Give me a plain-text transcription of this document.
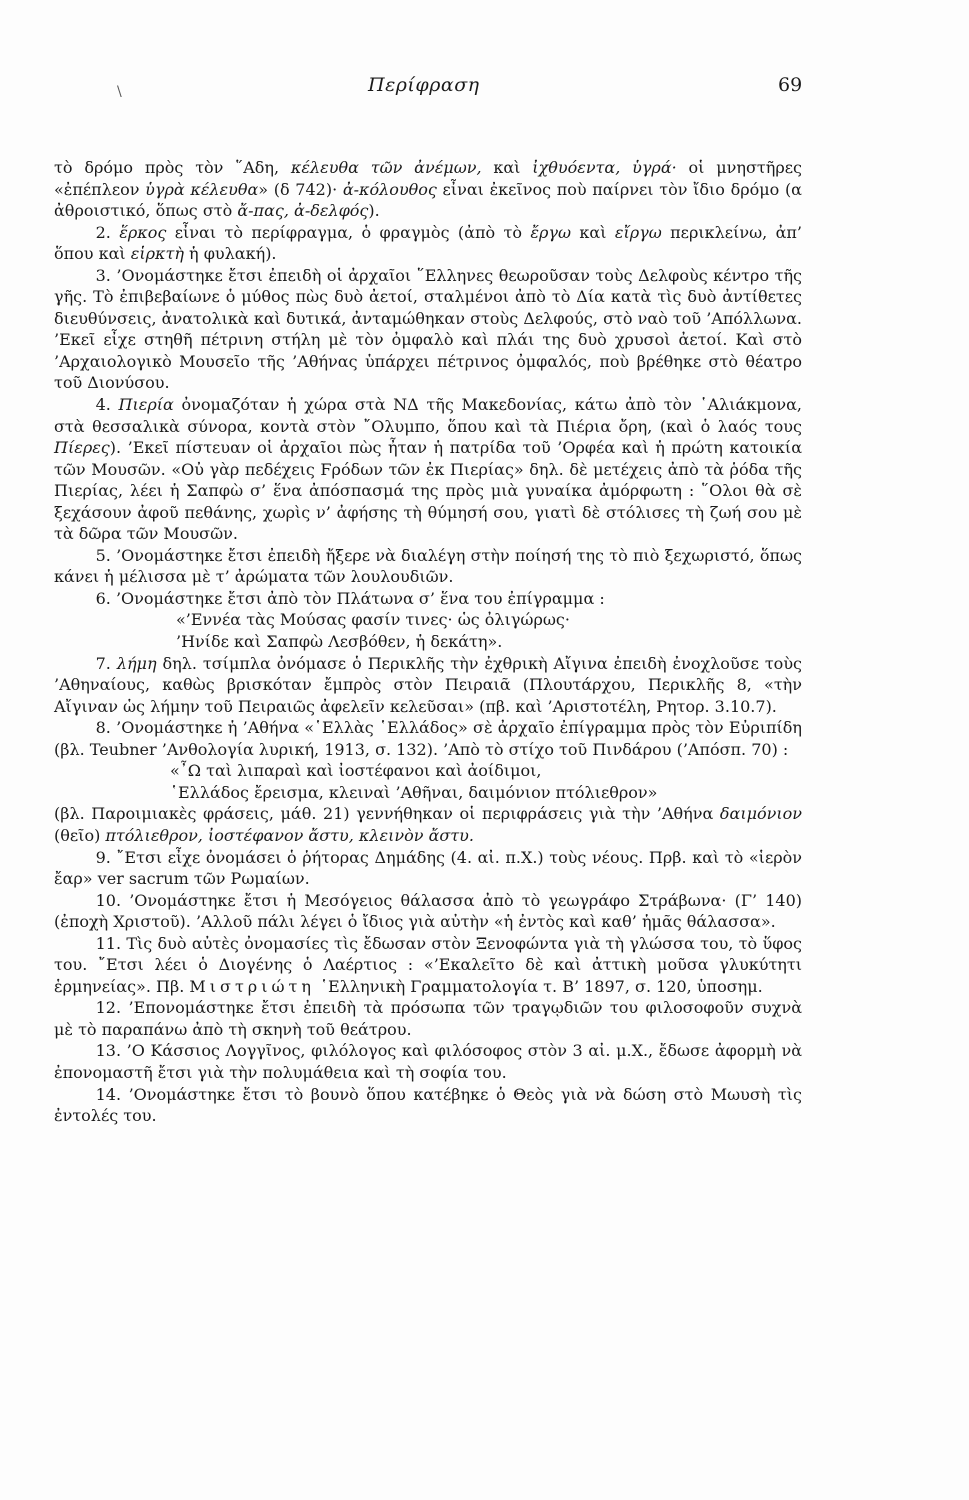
\	Περίφραση	69

τὸ δρόμο πρὸς τὸν ῞Αδη, κέλευθα τῶν ἀνέμων, καὶ ἰχθυόεντα, ὑγρά· οἱ μνηστῆρες «ἐπέπλεον ὑγρὰ κέλευθα» (δ 742)· ἀ-κόλουθος εἶναι ἐκεῖνος ποὺ παίρνει τὸν ἴδιο δρόμο (α ἀθροιστικό, ὅπως στὸ ἄ-πας, ἀ-δελφός).

2. ἕρκος εἶναι τὸ περίφραγμα, ὁ φραγμὸς (ἀπὸ τὸ ἔργω καὶ εἴργω περικλείνω, ἀπ’ ὅπου καὶ εἱρκτὴ ἡ φυλακή).

3. ’Ονομάστηκε ἔτσι ἐπειδὴ οἱ ἀρχαῖοι ῞Ελληνες θεωροῦσαν τοὺς Δελφοὺς κέντρο τῆς γῆς. Τὸ ἐπιβεβαίωνε ὁ μύθος πὼς δυὸ ἀετοί, σταλμένοι ἀπὸ τὸ Δία κατὰ τὶς δυὸ ἀντίθετες διευθύνσεις, ἀνατολικὰ καὶ δυτικά, ἀνταμώθηκαν στοὺς Δελφούς, στὸ ναὸ τοῦ ’Απόλλωνα. ’Εκεῖ εἶχε στηθῆ πέτρινη στήλη μὲ τὸν ὀμφαλὸ καὶ πλάι της δυὸ χρυσοὶ ἀετοί. Καὶ στὸ ’Αρχαιολογικὸ Μουσεῖο τῆς ’Αθήνας ὑπάρχει πέτρινος ὀμφαλός, ποὺ βρέθηκε στὸ θέατρο τοῦ Διονύσου.

4. Πιερία ὀνομαζόταν ἡ χώρα στὰ ΝΔ τῆς Μακεδονίας, κάτω ἀπὸ τὸν ῾Αλιάκμονα, στὰ θεσσαλικὰ σύνορα, κοντὰ στὸν ῎Ολυμπο, ὅπου καὶ τὰ Πιέρια ὄρη, (καὶ ὁ λαός τους Πίερες). ’Εκεῖ πίστευαν οἱ ἀρχαῖοι πὼς ἦταν ἡ πατρίδα τοῦ ’Ορφέα καὶ ἡ πρώτη κατοικία τῶν Μουσῶν. «Οὐ γὰρ πεδέχεις Ϝρόδων τῶν ἐκ Πιερίας» δηλ. δὲ μετέχεις ἀπὸ τὰ ῥόδα τῆς Πιερίας, λέει ἡ Σαπφὼ σ’ ἕνα ἀπόσπασμά της πρὸς μιὰ γυναίκα ἀμόρφωτη : ῞Ολοι θὰ σὲ ξεχάσουν ἀφοῦ πεθάνης, χωρὶς ν’ ἀφήσης τὴ θύμησή σου, γιατὶ δὲ στόλισες τὴ ζωή σου μὲ τὰ δῶρα τῶν Μουσῶν.

5. ’Ονομάστηκε ἔτσι ἐπειδὴ ἤξερε νὰ διαλέγη στὴν ποίησή της τὸ πιὸ ξεχωριστό, ὅπως κάνει ἡ μέλισσα μὲ τ’ ἀρώματα τῶν λουλουδιῶν.

6. ’Ονομάστηκε ἔτσι ἀπὸ τὸν Πλάτωνα σ’ ἕνα του ἐπίγραμμα :

«’Εννέα τὰς Μούσας φασίν τινες· ὡς ὀλιγώρως·

’Ηνίδε καὶ Σαπφὼ Λεσβόθεν, ἡ δεκάτη».

7. λήμη δηλ. τσίμπλα ὀνόμασε ὁ Περικλῆς τὴν ἐχθρικὴ Αἴγινα ἐπειδὴ ἐνοχλοῦσε τοὺς ’Αθηναίους, καθὼς βρισκόταν ἔμπρὸς στὸν Πειραιᾶ (Πλουτάρχου, Περικλῆς 8, «τὴν Αἴγιναν ὡς λήμην τοῦ Πειραιῶς ἀφελεῖν κελεῦσαι» (πβ. καὶ ’Αριστοτέλη, Ρητορ. 3.10.7).

8. ’Ονομάστηκε ἡ ’Αθήνα «῾Ελλὰς ῾Ελλάδος» σὲ ἀρχαῖο ἐπίγραμμα πρὸς τὸν Εὐριπίδη (βλ. Teubner ’Ανθολογία λυρική, 1913, σ. 132). ’Απὸ τὸ στίχο τοῦ Πινδάρου (’Απόσπ. 70) :

«῏Ω ταὶ λιπαραὶ καὶ ἰοστέφανοι καὶ ἀοίδιμοι,

῾Ελλάδος ἔρεισμα, κλειναὶ ’Αθῆναι, δαιμόνιον πτόλιεθρον»

(βλ. Παροιμιακὲς φράσεις, μάθ. 21) γεννήθηκαν οἱ περιφράσεις γιὰ τὴν ’Αθήνα δαιμόνιον (θεῖο) πτόλιεθρον, ἰοστέφανον ἄστυ, κλεινὸν ἄστυ.

9. ῎Ετσι εἶχε ὀνομάσει ὁ ῥήτορας Δημάδης (4. αἰ. π.Χ.) τοὺς νέους. Πρβ. καὶ τὸ «ἱερὸν ἔαρ» ver sacrum τῶν Ρωμαίων.

10. ’Ονομάστηκε ἔτσι ἡ Μεσόγειος θάλασσα ἀπὸ τὸ γεωγράφο Στράβωνα· (Γ’ 140) (ἐποχὴ Χριστοῦ). ’Αλλοῦ πάλι λέγει ὁ ἴδιος γιὰ αὐτὴν «ἡ ἐντὸς καὶ καθ’ ἡμᾶς θάλασσα».

11. Τὶς δυὸ αὐτὲς ὀνομασίες τὶς ἔδωσαν στὸν Ξενοφώντα γιὰ τὴ γλώσσα του, τὸ ὕφος του. ῎Ετσι λέει ὁ Διογένης ὁ Λαέρτιος : «’Εκαλεῖτο δὲ καὶ ἀττικὴ μοῦσα γλυκύτητι ἑρμηνείας». Πβ. Μιστριώτη ῾Ελληνικὴ Γραμματολογία τ. Β’ 1897, σ. 120, ὑποσημ.

12. ’Επονομάστηκε ἔτσι ἐπειδὴ τὰ πρόσωπα τῶν τραγῳδιῶν του φιλοσοφοῦν συχνὰ μὲ τὸ παραπάνω ἀπὸ τὴ σκηνὴ τοῦ θεάτρου.

13. ’Ο Κάσσιος Λογγῖνος, φιλόλογος καὶ φιλόσοφος στὸν 3 αἰ. μ.Χ., ἔδωσε ἀφορμὴ νὰ ἐπονομαστῆ ἔτσι γιὰ τὴν πολυμάθεια καὶ τὴ σοφία του.

14. ’Ονομάστηκε ἔτσι τὸ βουνὸ ὅπου κατέβηκε ὁ Θεὸς γιὰ νὰ δώση στὸ Μωυσὴ τὶς ἐντολές του.
